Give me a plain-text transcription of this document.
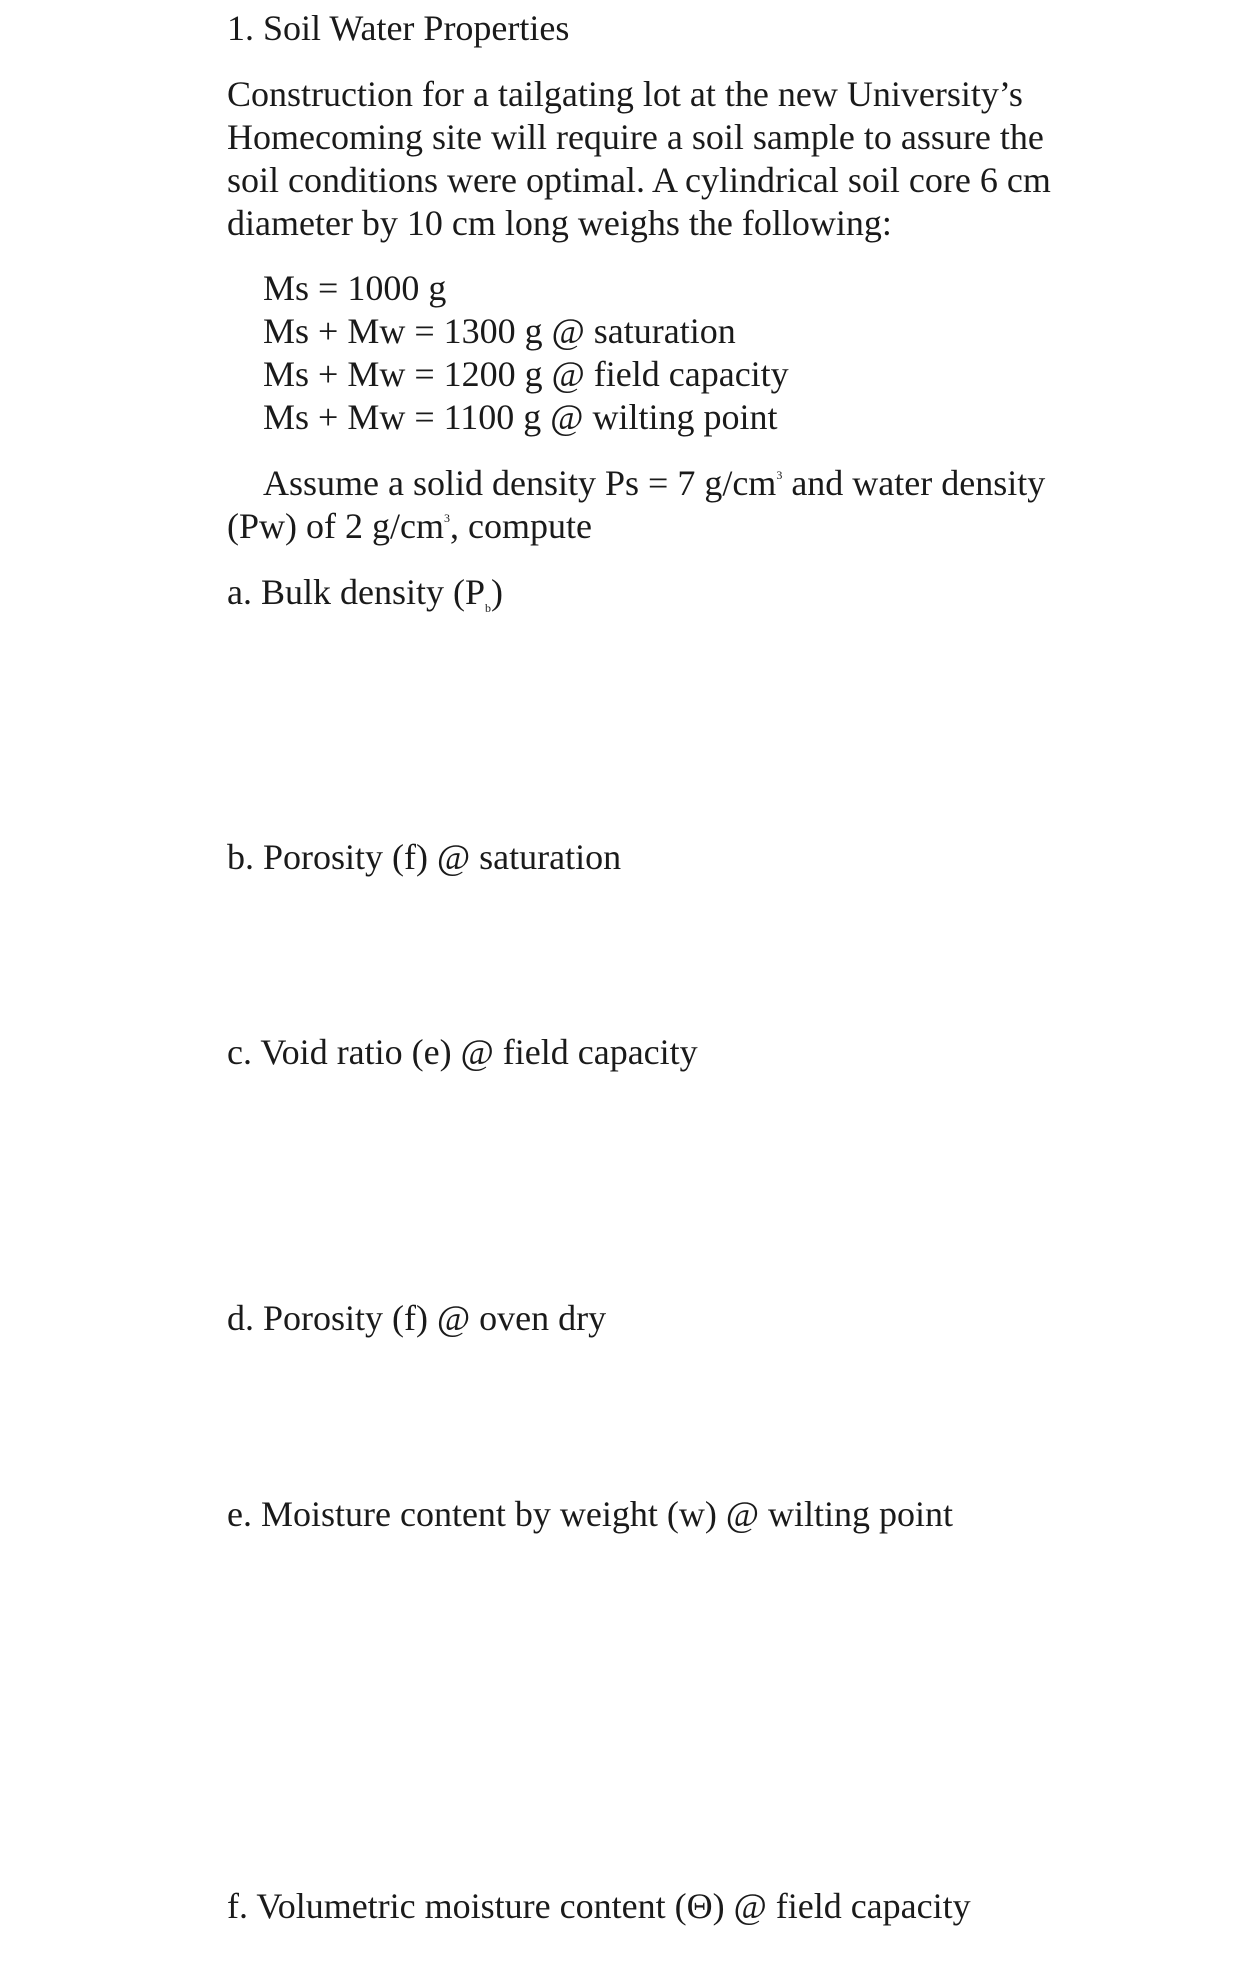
1. Soil Water Properties
Construction for a tailgating lot at the new University’s
Homecoming site will require a soil sample to assure the
soil conditions were optimal. A cylindrical soil core 6 cm
diameter by 10 cm long weighs the following:
Ms = 1000 g
Ms + Mw = 1300 g @ saturation
Ms + Mw = 1200 g @ field capacity
Ms + Mw = 1100 g @ wilting point
Assume a solid density Ps = 7 $g/cm^3$ and water density
(Pw) of 2 $g/cm^3$, compute
a. Bulk density $(P_b)$
b. Porosity (f) @ saturation
c. Void ratio (e) @ field capacity
d. Porosity (f) @ oven dry
e. Moisture content by weight (w) @ wilting point
f. Volumetric moisture content (Θ) @ field capacity
